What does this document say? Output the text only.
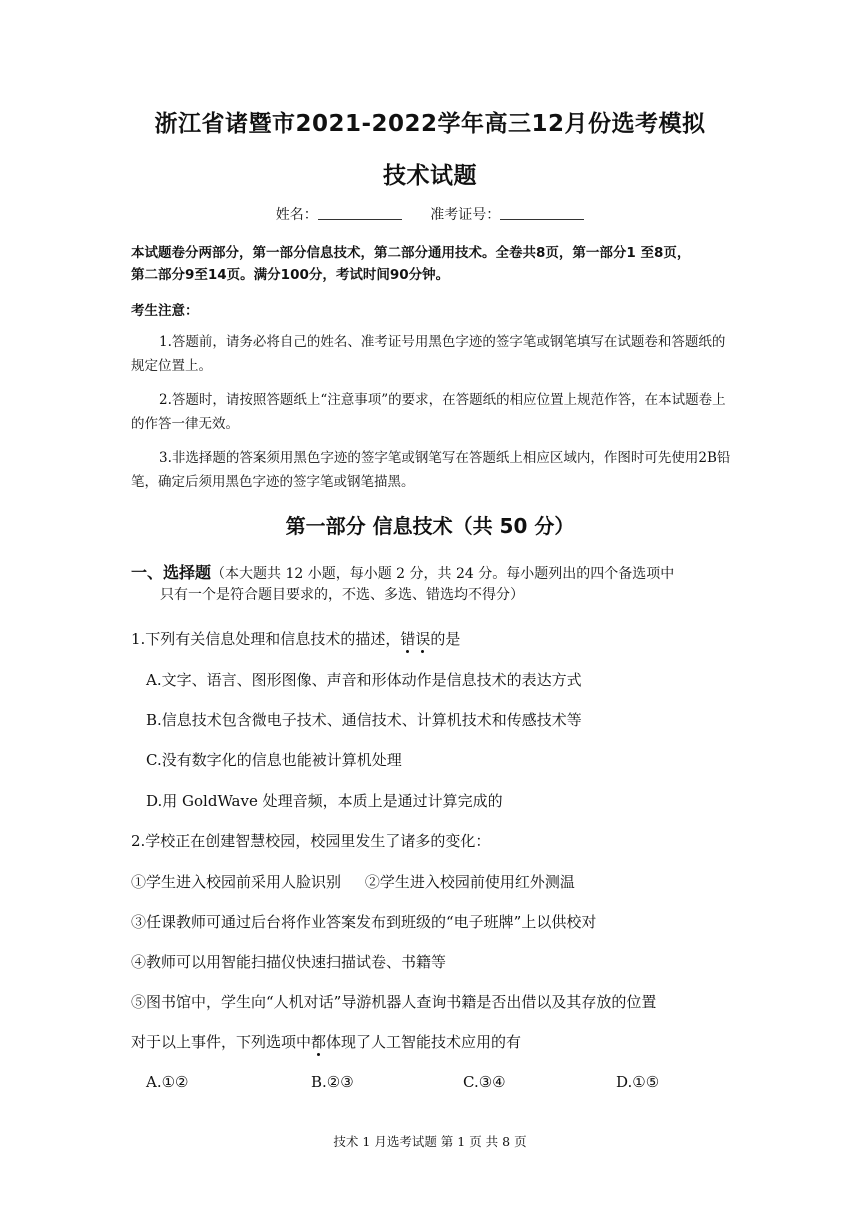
浙江省诸暨市2021-2022学年高三12月份选考模拟
技术试题
姓名：	准考证号：
本试题卷分两部分，第一部分信息技术，第二部分通用技术。全卷共8页，第一部分1 至8页，
第二部分9至14页。满分100分，考试时间90分钟。
考生注意：
1.答题前，请务必将自己的姓名、准考证号用黑色字迹的签字笔或钢笔填写在试题卷和答题纸的规定位置上。
2.答题时，请按照答题纸上“注意事项”的要求，在答题纸的相应位置上规范作答，在本试题卷上的作答一律无效。
3.非选择题的答案须用黑色字迹的签字笔或钢笔写在答题纸上相应区域内，作图时可先使用2B铅笔，确定后须用黑色字迹的签字笔或钢笔描黑。
第一部分 信息技术（共 50 分）
一、选择题（本大题共 12 小题，每小题 2 分，共 24 分。每小题列出的四个备选项中
只有一个是符合题目要求的，不选、多选、错选均不得分）
1.下列有关信息处理和信息技术的描述，错误的是
A.文字、语言、图形图像、声音和形体动作是信息技术的表达方式
B.信息技术包含微电子技术、通信技术、计算机技术和传感技术等
C.没有数字化的信息也能被计算机处理
D.用 GoldWave 处理音频，本质上是通过计算完成的
2.学校正在创建智慧校园，校园里发生了诸多的变化：
①学生进入校园前采用人脸识别     ②学生进入校园前使用红外测温
③任课教师可通过后台将作业答案发布到班级的“电子班牌”上以供校对
④教师可以用智能扫描仪快速扫描试卷、书籍等
⑤图书馆中，学生向“人机对话”导游机器人查询书籍是否出借以及其存放的位置
对于以上事件，下列选项中都体现了人工智能技术应用的有
A.①②	B.②③	C.③④	D.①⑤
技术 1 月选考试题 第 1 页 共 8 页
